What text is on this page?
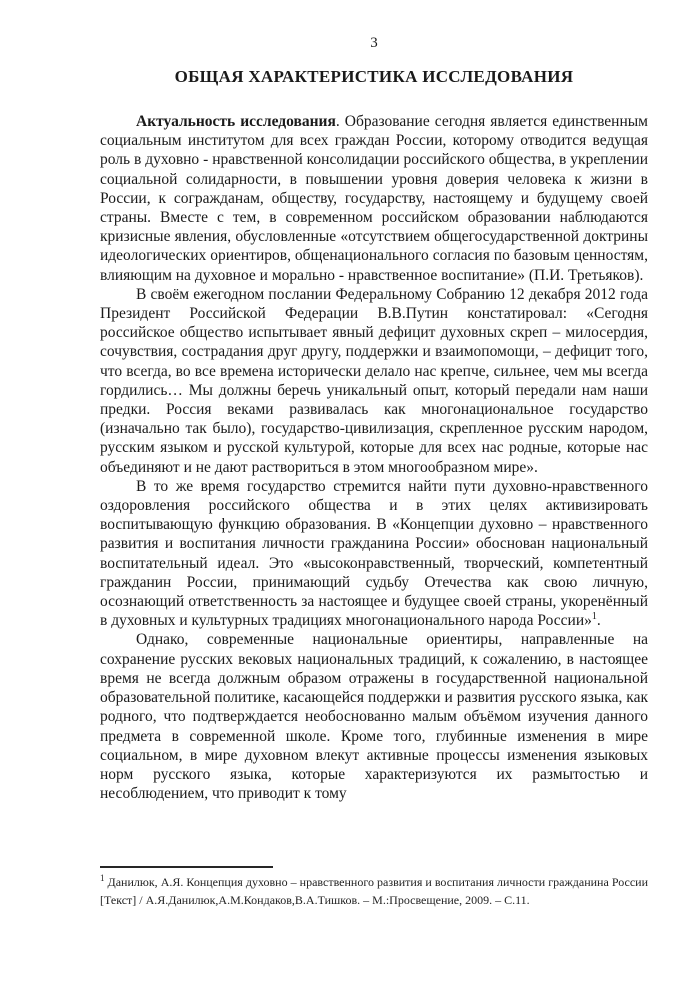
3
ОБЩАЯ ХАРАКТЕРИСТИКА ИССЛЕДОВАНИЯ

Актуальность исследования. Образование сегодня является единственным социальным институтом для всех граждан России, которому отводится ведущая роль в духовно - нравственной консолидации российского общества, в укреплении социальной солидарности, в повышении уровня доверия человека к жизни в России, к согражданам, обществу, государству, настоящему и будущему своей страны. Вместе с тем, в современном российском образовании наблюдаются кризисные явления, обусловленные «отсутствием общегосударственной доктрины идеологических ориентиров, общенационального согласия по базовым ценностям, влияющим на духовное и морально - нравственное воспитание» (П.И. Третьяков).

В своём ежегодном послании Федеральному Собранию 12 декабря 2012 года Президент Российской Федерации В.В.Путин констатировал: «Сегодня российское общество испытывает явный дефицит духовных скреп – милосердия, сочувствия, сострадания друг другу, поддержки и взаимопомощи, – дефицит того, что всегда, во все времена исторически делало нас крепче, сильнее, чем мы всегда гордились… Мы должны беречь уникальный опыт, который передали нам наши предки. Россия веками развивалась как многонациональное государство (изначально так было), государство-цивилизация, скрепленное русским народом, русским языком и русской культурой, которые для всех нас родные, которые нас объединяют и не дают раствориться в этом многообразном мире».

В то же время государство стремится найти пути духовно-нравственного оздоровления российского общества и в этих целях активизировать воспитывающую функцию образования. В «Концепции духовно – нравственного развития и воспитания личности гражданина России» обоснован национальный воспитательный идеал. Это «высоконравственный, творческий, компетентный гражданин России, принимающий судьбу Отечества как свою личную, осознающий ответственность за настоящее и будущее своей страны, укоренённый в духовных и культурных традициях многонационального народа России»$^1$.

Однако, современные национальные ориентиры, направленные на сохранение русских вековых национальных традиций, к сожалению, в настоящее время не всегда должным образом отражены в государственной национальной образовательной политике, касающейся поддержки и развития русского языка, как родного, что подтверждается необоснованно малым объёмом изучения данного предмета в современной школе. Кроме того, глубинные изменения в мире социальном, в мире духовном влекут активные процессы изменения языковых норм русского языка, которые характеризуются их размытостью и несоблюдением, что приводит к тому

$^1$ Данилюк, А.Я. Концепция духовно – нравственного развития и воспитания личности гражданина России [Текст] / А.Я.Данилюк,А.М.Кондаков,В.А.Тишков. – М.:Просвещение, 2009. – С.11.
